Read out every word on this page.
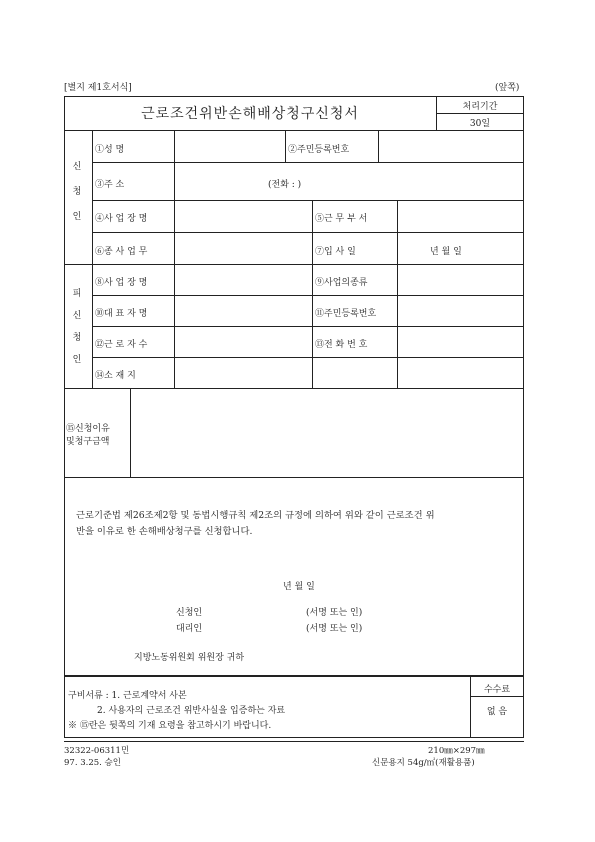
[별지 제1호서식]	(앞쪽)
근로조건위반손해배상청구신청서	처리기간
30일
신
청
인
①성 명	②주민등록번호
③주 소	(전화 : )
④사 업 장 명	⑤근 무 부 서
⑥종 사 업 무	⑦입 사 일	년 월 일
피
신
청
인
⑧사 업 장 명	⑨사업의종류
⑩대 표 자 명	⑪주민등록번호
⑫근 로 자 수	⑬전 화 번 호
⑭소 재 지
⑮신청이유
및청구금액
근로기준법 제26조제2항 및 동법시행규칙 제2조의 규정에 의하여 위와 같이 근로조건 위
반을 이유로 한 손해배상청구를 신청합니다.
년 월 일
신청인	(서명 또는 인)
대리인	(서명 또는 인)
지방노동위원회 위원장 귀하
구비서류 : 1. 근로계약서 사본
2. 사용자의 근로조건 위반사실을 입증하는 자료
※ ⑮란은 뒷쪽의 기재 요령을 참고하시기 바랍니다.
수수료
없 음
32322-06311민
97. 3.25. 승인
210㎜×297㎜
신문용지 54g/㎡(재활용품)
